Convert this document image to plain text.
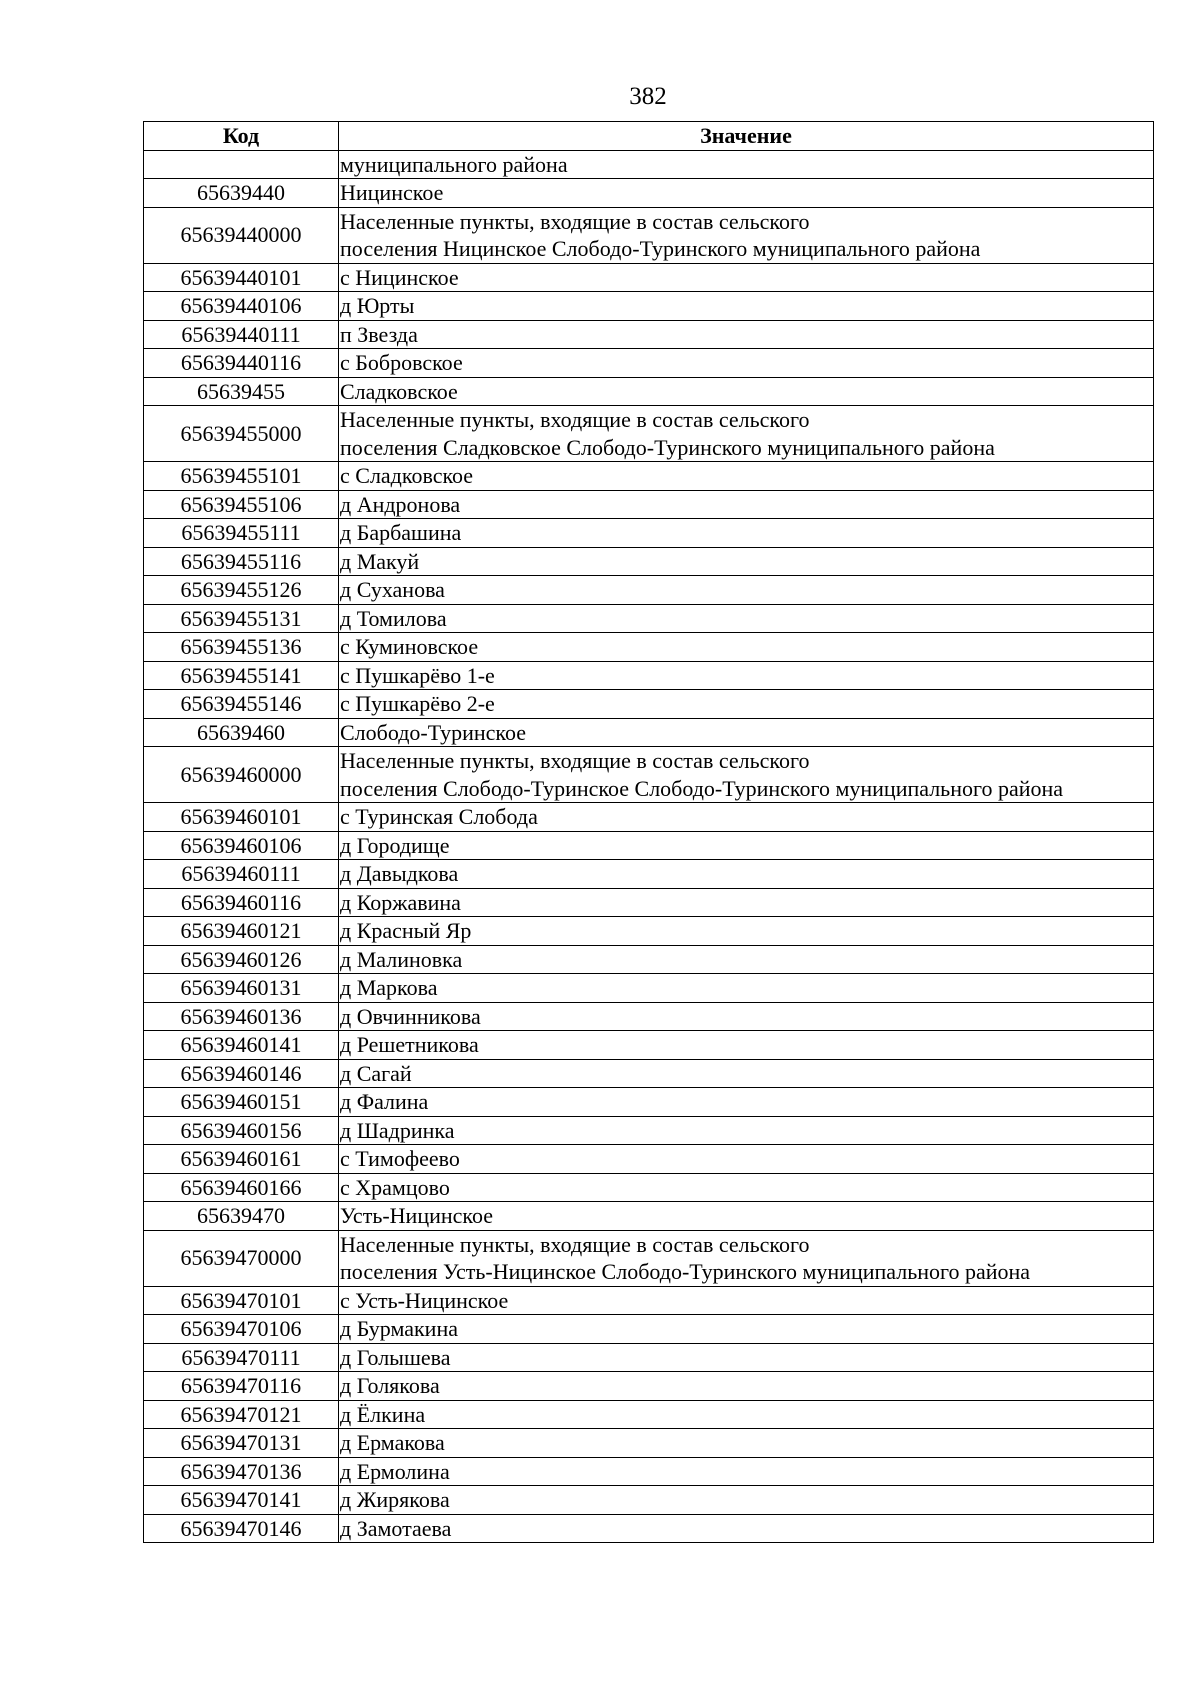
382
Код	Значение

	муниципального района

65639440	Ницинское

65639440000	Населенные пункты, входящие в состав сельского
поселения Ницинское Слободо-Туринского муниципального района

65639440101	с Ницинское

65639440106	д Юрты

65639440111	п Звезда

65639440116	с Бобровское

65639455	Сладковское

65639455000	Населенные пункты, входящие в состав сельского
поселения Сладковское Слободо-Туринского муниципального района

65639455101	с Сладковское

65639455106	д Андронова

65639455111	д Барбашина

65639455116	д Макуй

65639455126	д Суханова

65639455131	д Томилова

65639455136	с Куминовское

65639455141	с Пушкарёво 1-е

65639455146	с Пушкарёво 2-е

65639460	Слободо-Туринское

65639460000	Населенные пункты, входящие в состав сельского
поселения Слободо-Туринское Слободо-Туринского муниципального района

65639460101	с Туринская Слобода

65639460106	д Городище

65639460111	д Давыдкова

65639460116	д Коржавина

65639460121	д Красный Яр

65639460126	д Малиновка

65639460131	д Маркова

65639460136	д Овчинникова

65639460141	д Решетникова

65639460146	д Сагай

65639460151	д Фалина

65639460156	д Шадринка

65639460161	с Тимофеево

65639460166	с Храмцово

65639470	Усть-Ницинское

65639470000	Населенные пункты, входящие в состав сельского
поселения Усть-Ницинское Слободо-Туринского муниципального района

65639470101	с Усть-Ницинское

65639470106	д Бурмакина

65639470111	д Голышева

65639470116	д Голякова

65639470121	д Ёлкина

65639470131	д Ермакова

65639470136	д Ермолина

65639470141	д Жирякова

65639470146	д Замотаева
